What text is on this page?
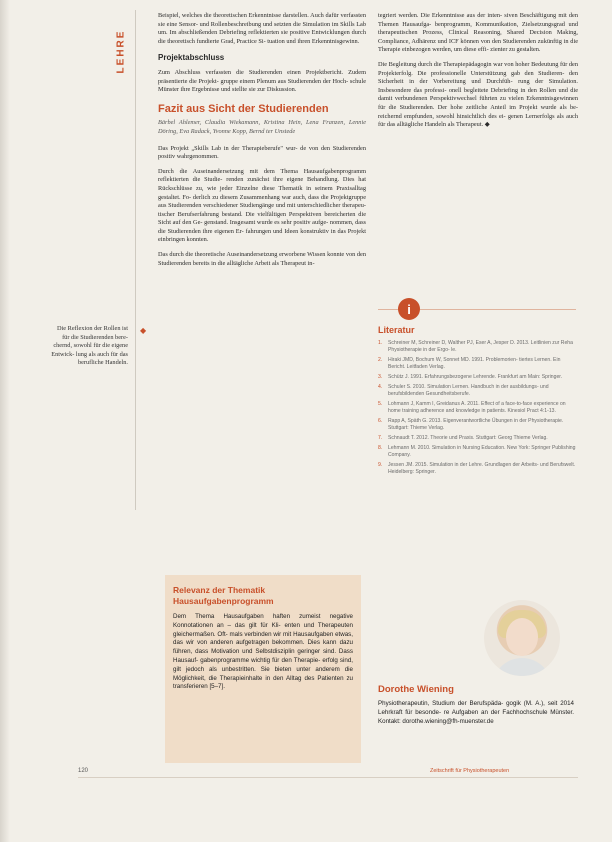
LEHRE

Beispiel, welches die theoretischen Erkenntnisse darstellen. Auch dafür verfassten sie eine Sensor- und Rollenbeschreibung und setzten die Simulation im Skills Lab um. Im abschließenden Debriefing reflektierten sie positive Entwicklungen durch die theoretisch fundierte Grad, Practice Si- tuation und ihren Erkenntnisgewinn.

Projektabschluss

Zum Abschluss verfassten die Studierenden einen Projektbericht. Zudem präsentierte die Projekt- gruppe einem Plenum aus Studierenden der Hoch- schule Münster ihre Ergebnisse und stellte sie zur Diskussion.

Fazit aus Sicht der Studierenden

Bärbel Ahlemer, Claudia Wiekamann, Kristina Hein, Lena Franzen, Lennie Döring, Eva Radack, Yvonne Kopp, Bernd ter Unstede

Das Projekt „Skills Lab in der Therapieberufe" wur- de von den Studierenden positiv wahrgenommen.

Durch die Auseinandersetzung mit dem Thema Hausaufgabenprogramm reflektierten die Studie- renden zunächst ihre eigene Behandlung. Dies hat Rückschlüsse zu, wie jeder Einzelne diese Thematik in seinem Praxisalltag gestaltet. Fo- derlich zu diesem Zusammenhang war auch, dass die Projektgruppe aus Studierenden verschiedener Studiengänge und mit unterschiedlicher therapeu- tischer Berufserfahrung bestand. Die vielfältigen Perspektiven bereicherten die Sicht auf den Ge- genstand. Insgesamt wurde es sehr positiv aufge- nommen, dass die Studierenden ihre eigenen Er- fahrungen und Ideen konstruktiv in das Projekt einbringen konnten.

Das durch die theoretische Auseinandersetzung erworbene Wissen konnte von den Studierenden bereits in die alltägliche Arbeit als Therapeut in-

◆
Die Reflexion der Rollen ist für die Studierenden bere- chernd, sowohl für die eigene Entwick- lung als auch für das berufliche Handeln.
Relevanz der Thematik Hausaufgabenprogramm
Dem Thema Hausaufgaben haften zumeist negative Konnotationen an – das gilt für Kli- enten und Therapeuten gleichermaßen. Oft- mals verbinden wir mit Hausaufgaben etwas, das wir von anderen aufgetragen bekommen. Dies kann dazu führen, dass Motivation und Selbstdisziplin geringer sind. Dass Hausauf- gabenprogramme wichtig für den Therapie- erfolg sind, gilt jedoch als unbestritten. Sie bieten unter anderem die Möglichkeit, die Therapieinhalte in den Alltag des Patienten zu transferieren [5–7].

tegriert werden. Die Erkenntnisse aus der inten- siven Beschäftigung mit den Themen Hausaufga- benprogramm, Kommunikation, Zielsetzungsgrad und therapeutischen Prozess, Clinical Reasoning, Shared Decision Making, Compliance, Adhärenz und ICF können von den Studierenden zukünftig in die Therapie einbezogen werden, um diese effi- zienter zu gestalten.

Die Begleitung durch die Therapiepädagogin war von hoher Bedeutung für den Projekterfolg. Die professionelle Unterstützung gab den Studieren- den Sicherheit in der Vorbereitung und Durchfüh- rung der Simulation. Insbesondere das professi- onell begleitete Debriefing in den Rollen und die damit verbundenen Perspektivwechsel führten zu vielen Erkenntnisgewinnen für die Studierenden. Der hohe zeitliche Anteil im Projekt wurde als be- reichernd empfunden, sowohl hinsichtlich des ei- genen Lernerfolgs als auch für das alltägliche Handeln als Therapeut. ◆

i
Literatur
1.	Schreiner M, Schreiner D, Walther PJ, Eser A, Jesper D. 2013. Leitlinien zur Reha Physiotherapie in der Ergo- le.
2.	Hiraki JMD, Bochum W, Sonnet MD. 1991. Problemorien- tiertes Lernen. Ein Bericht. Leitfaden Verlag.
3.	Schütz J. 1991. Erfahrungsbezogene Lehrende. Frankfurt am Main: Springer.
4.	Schuler S. 2010. Simulation Lernen. Handbuch in der ausbildungs- und berufsbildenden Gesundheitsberufe.
5.	Lohmann J, Kamm I, Greidanus A. 2011. Effect of a face-to-face experience on home training adherence and knowledge in patients. Kinesiol Pract 4:1-13.
6.	Rapp A, Späth G. 2013. Eigenverantwortliche Übungen in der Physiotherapie. Stuttgart: Thieme Verlag.
7.	Schnaudt T. 2012. Theorie und Praxis. Stuttgart: Georg Thieme Verlag.
8.	Lehmann M. 2010. Simulation in Nursing Education. New York: Springer Publishing Company.
9.	Jessen JM. 2015. Simulation in der Lehre. Grundlagen der Arbeits- und Berufswelt. Heidelberg: Springer.
Dorothe Wiening
Physiotherapeutin, Studium der Berufspäda- gogik (M. A.), seit 2014 Lehrkraft für besonde- re Aufgaben an der Fachhochschule Münster. Kontakt: dorothe.wiening@fh-muenster.de
120	Zeitschrift für Physiotherapeuten
